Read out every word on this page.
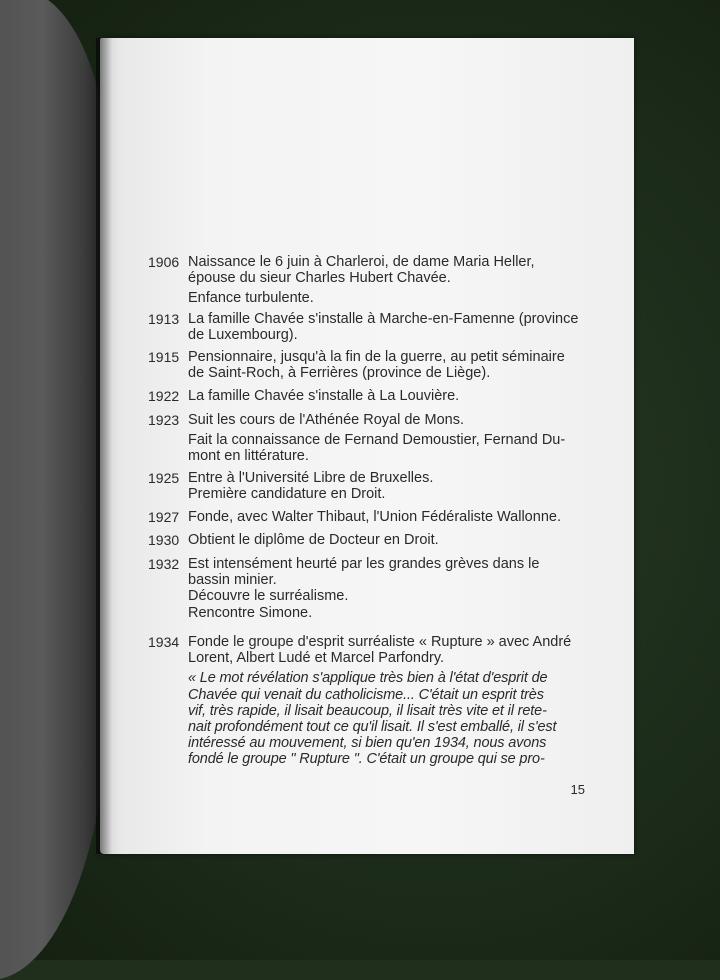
1906 Naissance le 6 juin à Charleroi, de dame Maria Heller,
épouse du sieur Charles Hubert Chavée.
Enfance turbulente.
1913 La famille Chavée s'installe à Marche-en-Famenne (province
de Luxembourg).
1915 Pensionnaire, jusqu'à la fin de la guerre, au petit séminaire
de Saint-Roch, à Ferrières (province de Liège).
1922 La famille Chavée s'installe à La Louvière.
1923 Suit les cours de l'Athénée Royal de Mons.
Fait la connaissance de Fernand Demoustier, Fernand Du-
mont en littérature.
1925 Entre à l'Université Libre de Bruxelles.
Première candidature en Droit.
1927 Fonde, avec Walter Thibaut, l'Union Fédéraliste Wallonne.
1930 Obtient le diplôme de Docteur en Droit.
1932 Est intensément heurté par les grandes grèves dans le
bassin minier.
Découvre le surréalisme.
Rencontre Simone.
1934 Fonde le groupe d'esprit surréaliste « Rupture » avec André
Lorent, Albert Ludé et Marcel Parfondry.
« Le mot révélation s'applique très bien à l'état d'esprit de
Chavée qui venait du catholicisme... C'était un esprit très
vif, très rapide, il lisait beaucoup, il lisait très vite et il rete-
nait profondément tout ce qu'il lisait. Il s'est emballé, il s'est
intéressé au mouvement, si bien qu'en 1934, nous avons
fondé le groupe " Rupture ". C'était un groupe qui se pro-
15
